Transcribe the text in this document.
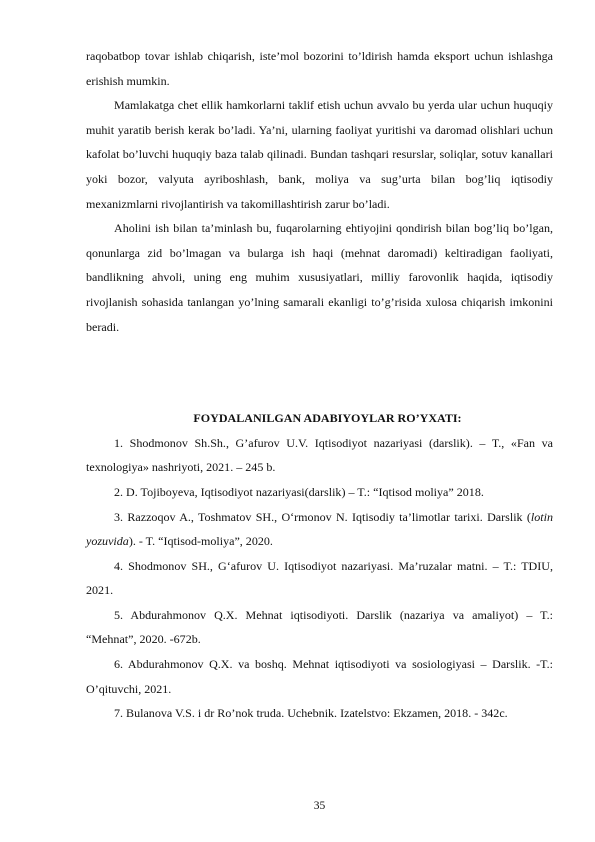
raqobatbop tovar ishlab chiqarish, iste’mol bozorini to’ldirish hamda eksport uchun ishlashga erishish mumkin.

Mamlakatga chet ellik hamkorlarni taklif etish uchun avvalo bu yerda ular uchun huquqiy muhit yaratib berish kerak bo’ladi. Ya’ni, ularning faoliyat yuritishi va daromad olishlari uchun kafolat bo’luvchi huquqiy baza talab qilinadi. Bundan tashqari resurslar, soliqlar, sotuv kanallari yoki bozor, valyuta ayriboshlash, bank, moliya va sug’urta bilan bog’liq iqtisodiy mexanizmlarni rivojlantirish va takomillashtirish zarur bo’ladi.

Aholini ish bilan ta’minlash bu, fuqarolarning ehtiyojini qondirish bilan bog’liq bo’lgan, qonunlarga zid bo’lmagan va bularga ish haqi (mehnat daromadi) keltiradigan faoliyati, bandlikning ahvoli, uning eng muhim xususiyatlari, milliy farovonlik haqida, iqtisodiy rivojlanish sohasida tanlangan yo’lning samarali ekanligi to’g’risida xulosa chiqarish imkonini beradi.

FOYDALANILGAN ADABIYOYLAR RO’YXATI:

1. Shodmonov Sh.Sh., G’afurov U.V. Iqtisodiyot nazariyasi (darslik). – T., «Fan va texnologiya» nashriyoti, 2021. – 245 b.

2. D. Tojiboyeva, Iqtisodiyot nazariyasi(darslik) – T.: “Iqtisod moliya” 2018.

3. Razzoqov A., Toshmatov SH., O‘rmonov N. Iqtisodiy ta’limotlar tarixi. Darslik (lotin yozuvida). - T. “Iqtisod-moliya”, 2020.

4. Shodmonov SH., G‘afurov U. Iqtisodiyot nazariyasi. Ma’ruzalar matni. – T.: TDIU, 2021.

5. Abdurahmonov Q.X. Mehnat iqtisodiyoti. Darslik (nazariya va amaliyot) – T.: “Mehnat”, 2020. -672b.

6. Abdurahmonov Q.X. va boshq. Mehnat iqtisodiyoti va sosiologiyasi – Darslik. -T.: O’qituvchi, 2021.

7. Bulanova V.S. i dr Ro’nok truda. Uchebnik. Izatelstvo: Ekzamen, 2018. - 342c.

35
